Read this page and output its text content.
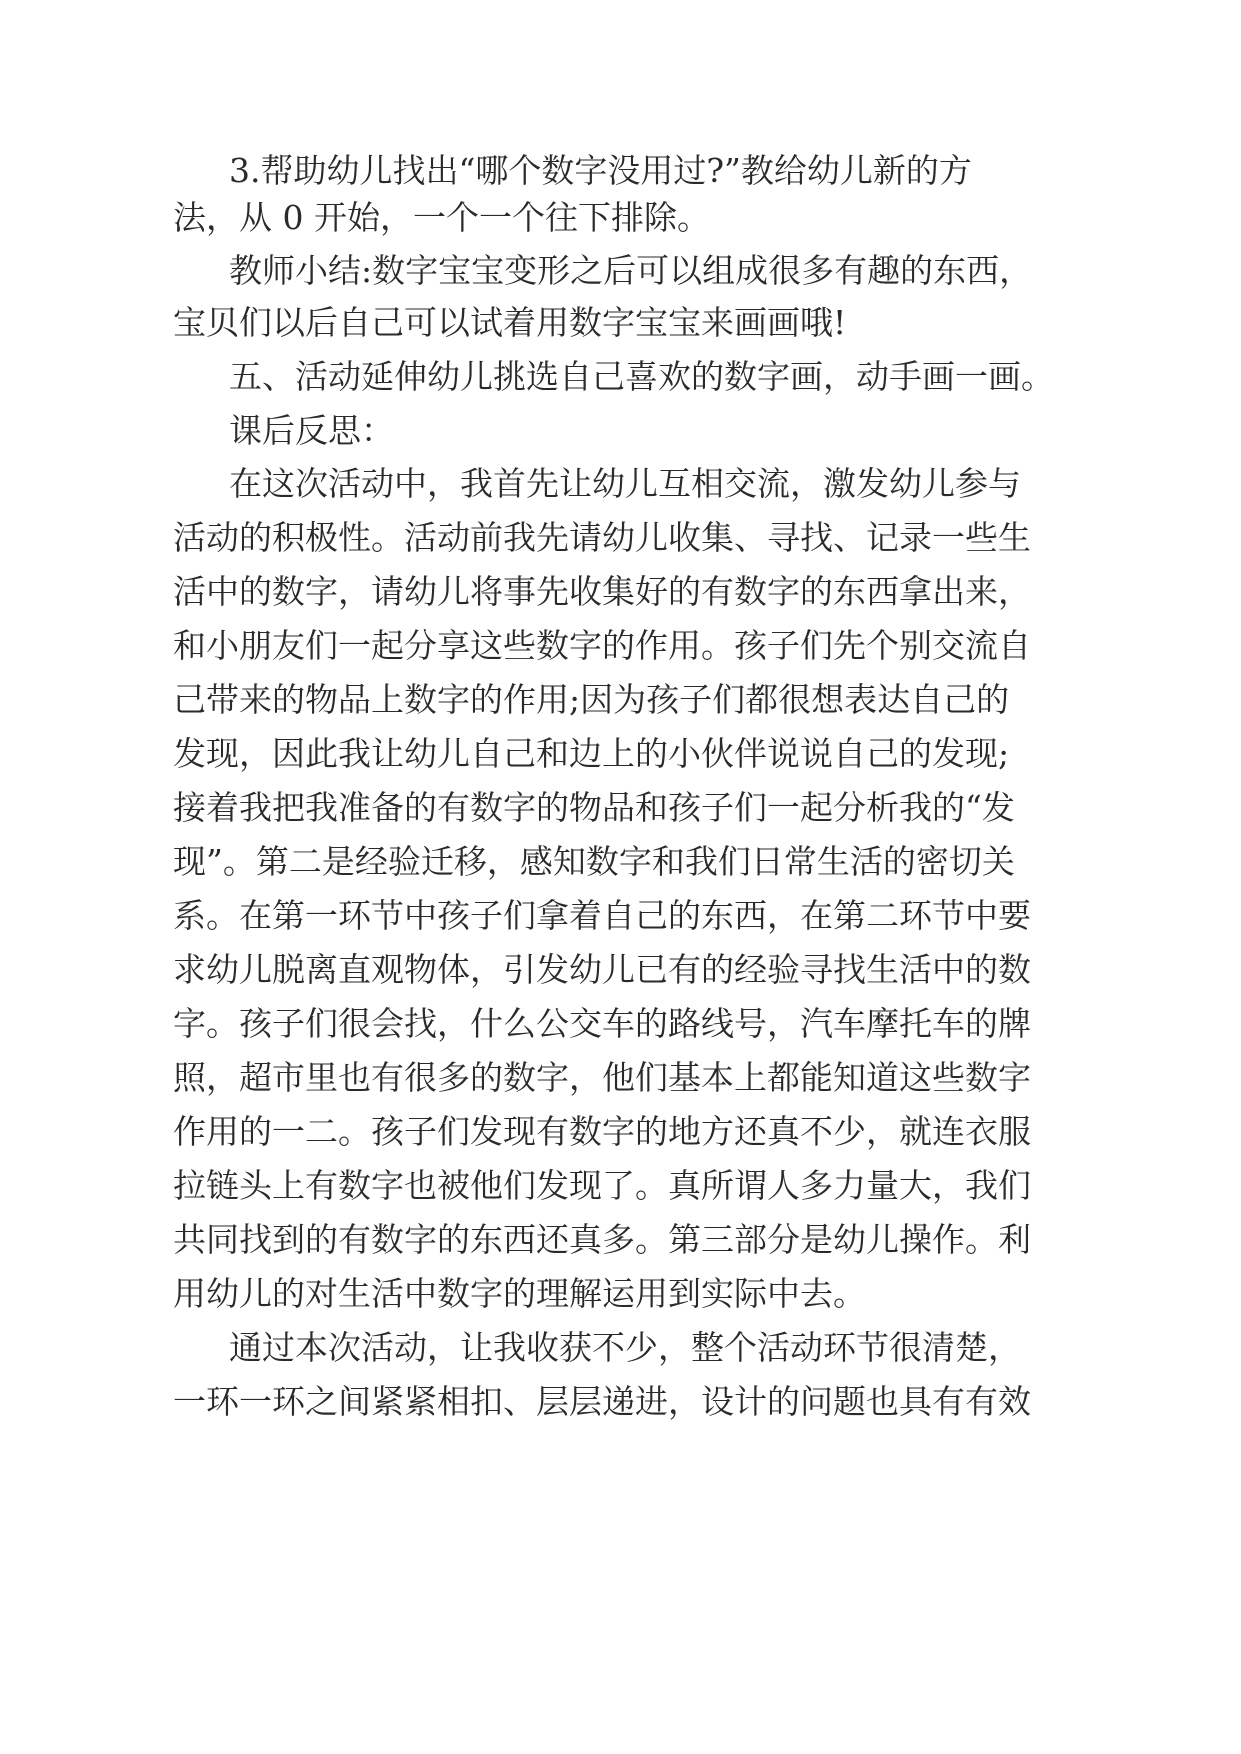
3.帮助幼儿找出“哪个数字没用过?”教给幼儿新的方

法，从 0 开始，一个一个往下排除。

教师小结:数字宝宝变形之后可以组成很多有趣的东西，

宝贝们以后自己可以试着用数字宝宝来画画哦!

五、活动延伸幼儿挑选自己喜欢的数字画，动手画一画。

课后反思：

在这次活动中，我首先让幼儿互相交流，激发幼儿参与

活动的积极性。活动前我先请幼儿收集、寻找、记录一些生

活中的数字，请幼儿将事先收集好的有数字的东西拿出来，

和小朋友们一起分享这些数字的作用。孩子们先个别交流自

己带来的物品上数字的作用;因为孩子们都很想表达自己的

发现，因此我让幼儿自己和边上的小伙伴说说自己的发现;

接着我把我准备的有数字的物品和孩子们一起分析我的“发

现”。第二是经验迁移，感知数字和我们日常生活的密切关

系。在第一环节中孩子们拿着自己的东西，在第二环节中要

求幼儿脱离直观物体，引发幼儿已有的经验寻找生活中的数

字。孩子们很会找，什么公交车的路线号，汽车摩托车的牌

照，超市里也有很多的数字，他们基本上都能知道这些数字

作用的一二。孩子们发现有数字的地方还真不少，就连衣服

拉链头上有数字也被他们发现了。真所谓人多力量大，我们

共同找到的有数字的东西还真多。第三部分是幼儿操作。利

用幼儿的对生活中数字的理解运用到实际中去。

通过本次活动，让我收获不少，整个活动环节很清楚，

一环一环之间紧紧相扣、层层递进，设计的问题也具有有效
